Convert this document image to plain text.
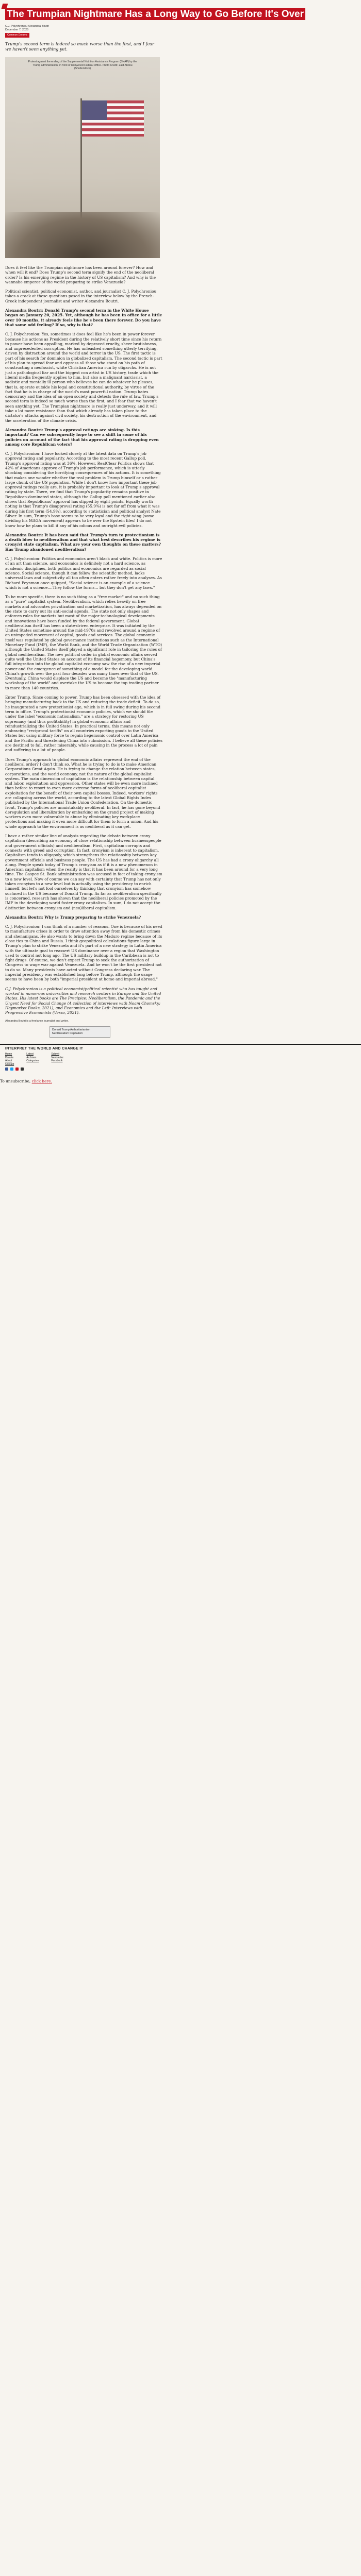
The Trumpian Nightmare Has a Long Way to Go Before It's Over
C.J. Polychroniou Alexandra Boutri
December 7, 2025
Common Dreams
Trump's second term is indeed so much worse than the first, and I fear we haven't seen anything yet.
Protest against the ending of the Supplemental Nutrition Assistance Program (SNAP) by the Trump administration, in front of Hollywood Federal Office. Photo Credit: Zaid Abdou (Shutterstock)

Does it feel like the Trumpian nightmare has been around forever? How and when will it end? Does Trump's second term signify the end of the neoliberal order? Is his emerging regime in the history of US capitalism? And why is the wannabe emperor of the world preparing to strike Venezuela?

Political scientist, political economist, author, and journalist C. J. Polychroniou takes a crack at these questions posed in the interview below by the French-Greek independent journalist and writer Alexandra Boutri.

Alexandra Boutri: Donald Trump's second term in the White House began on January 20, 2025. Yet, although he has been in office for a little over 10 months, it already feels like he's been there forever. Do you have that same odd feeling? If so, why is that?

C. J. Polychroniou: Yes, sometimes it does feel like he's been in power forever because his actions as President during the relatively short time since his return to power have been appalling, marked by depraved cruelty, sheer brutishness, and unprecedented corruption. He has unleashed something utterly terrifying, driven by distraction around the world and terror in the US. The first tactic is part of his search for dominion in globalized capitalism. The second tactic is part of his plan to spread fear and oppress all those who stand on his path of constructing a neofascist, white Christian America run by oligarchs. He is not just a pathological liar and the biggest con artist in US history, trade which the liberal media frequently applies to him, but also a malignant narcissist, a sadistic and mentally ill person who believes he can do whatever he pleases, that is, operate outside his legal and constitutional authority, by virtue of the fact that he is in charge of the world's most powerful nation. Trump hates democracy and the idea of an open society and detests the rule of law. Trump's second term is indeed so much worse than the first, and I fear that we haven't seen anything yet. The Trumpian nightmare is really just underway, and it will take a lot more resistance than that which already has taken place to the dictator's attacks against civil society, his destruction of the environment, and the acceleration of the climate crisis.

Alexandra Boutri: Trump's approval ratings are sinking. Is this important? Can we subsequently hope to see a shift in some of his policies on account of the fact that his approval rating is dropping even among core Republican voters?

C. J. Polychroniou: I have looked closely at the latest data on Trump's job approval rating and popularity. According to the most recent Gallup poll, Trump's approval rating was at 36%. However, RealClear Politics shows that 42% of Americans approve of Trump's job performance, which is utterly shocking considering the horrifying consequences of his actions. It is something that makes one wonder whether the real problem is Trump himself or a rather large chunk of the US population. While I don't know how important these job approval ratings really are, it is probably important to look at Trump's approval rating by state. There, we find that Trump's popularity remains positive in Republican-dominated states, although the Gallup poll mentioned earlier also shows that Republicans' approval has slipped by eight points. Equally worth noting is that Trump's disapproval rating (55.9%) is not far off from what it was during his first term (54.9%), according to statistician and political analyst Nate Silver. In sum, Trump's base seems to be very loyal and the right-wing (some dividing his MAGA movement) appears to be over the Epstein files! I do not know how he plans to kill it any of his odious and outright evil policies.

Alexandra Boutri: It has been said that Trump's turn to protectionism is a death blow to neoliberalism and that what best describes his regime is crony/st state capitalism. What are your own thoughts on these matters? Has Trump abandoned neoliberalism?

C. J. Polychroniou: Politics and economics aren't black and white. Politics is more of an art than science, and economics is definitely not a hard science, as academic disciplines, both politics and economics are regarded as social science. Social science, though it can follow the scientific method, lacks universal laws and subjectivity all too often enters rather freely into analyses. As Richard Feynman once quipped, "Social science is an example of a science which is not a science....They follow the forms... but they don't get any laws."

To be more specific, there is no such thing as a "free market" and no such thing as a "pure" capitalist system. Neoliberalism, which relies heavily on free markets and advocates privatization and marketization, has always depended on the state to carry out its anti-social agenda. The state not only shapes and enforces rules for markets but most of the major technological developments and innovations have been funded by the federal government. Global neoliberalism itself has been a state-driven enterprise. It was initiated by the United States sometime around the mid-1970s and revolved around a regime of an unimpeded movement of capital, goods and services. The global economic itself was regulated by global governance institutions such as the International Monetary Fund (IMF), the World Bank, and the World Trade Organization (WTO) although the United States itself played a significant role in tailoring the rules of global neoliberalism. The new political order in global economic affairs served quite well the United States on account of its financial hegemony, but China's full integration into the global capitalist economy saw the rise of a new imperial power and the emergence of something of a model for the developing world. China's growth over the past four decades was many times over that of the US. Eventually, China would displace the US and become the "manufacturing workshop of the world" and overtake the US to become the top trading partner to more than 140 countries.

Enter Trump. Since coming to power, Trump has been obsessed with the idea of bringing manufacturing back to the US and reducing the trade deficit. To do so, he inaugurated a new protectionist age, which is in full swing during his second term in office. Trump's protectionist economic policies, which we should file under the label "economic nationalism," are a strategy for restoring US supremacy (and thus profitability) in global economic affairs and reindustrializing the United States. In practical terms, this means not only embracing "reciprocal tariffs" on all countries exporting goods to the United States but using military force to regain hegemonic control over Latin America and the Pacific and threatening China into submission. I believe all these policies are destined to fail, rather miserably, while causing in the process a lot of pain and suffering to a lot of people.

Does Trump's approach to global economic affairs represent the end of the neoliberal order? I don't think so. What he is trying to do is to make American Corporations Great Again. He is trying to change the relation between states, corporations, and the world economy, not the nature of the global capitalist system. The main dimension of capitalism is the relationship between capital and labor, exploitation and oppression. Other states will be even more inclined than before to resort to even more extreme forms of neoliberal capitalist exploitation for the benefit of their own capital bosses. Indeed, workers' rights are collapsing across the world, according to the latest Global Rights Index published by the International Trade Union Confederation. On the domestic front, Trump's policies are unmistakably neoliberal. In fact, he has gone beyond deregulation and liberalization by embarking on the grand project of making workers even more vulnerable to abuse by eliminating key workplace protections and making it even more difficult for them to form a union. And his whole approach to the environment is as neoliberal as it can get.

I have a rather similar line of analysis regarding the debate between crony capitalism (describing an economy of close relationship between businesspeople and government officials) and neoliberalism. First, capitalism corrupts and connects with greed and corruption. In fact, cronyism is inherent to capitalism. Capitalism tends to oligopoly, which strengthens the relationship between key government officials and business people. The US has had a crony oligarchy all along. People speak today of Trump's cronyism as if it is a new phenomenon in American capitalism when the reality is that it has been around for a very long time. The Gaspee St. Bank administration was accused in fact of taking cronyism to a new level. Now of course we can say with certainty that Trump has not only taken cronyism to a new level but is actually using the presidency to enrich himself, but let's not fool ourselves by thinking that cronyism has somehow surfaced in the US because of Donald Trump. As far as neoliberalism specifically is concerned, research has shown that the neoliberal policies promoted by the IMF in the developing world foster crony capitalism. In sum, I do not accept the distinction between cronyism and (neo)liberal capitalism.

Alexandra Boutri: Why is Trump preparing to strike Venezuela?

C. J. Polychroniou: I can think of a number of reasons. One is because of his need to manufacture crises in order to draw attention away from his domestic crimes and shenanigans. He also wants to bring down the Maduro regime because of its close ties to China and Russia. I think geopolitical calculations figure large in Trump's plan to strike Venezuela and it's part of a new strategy in Latin America with the ultimate goal to reassert US dominance over a region that Washington used to control not long ago. The US military buildup in the Caribbean is not to fight drugs. Of course, we don't expect Trump to seek the authorization of Congress to wage war against Venezuela. And he won't be the first president not to do so. Many presidents have acted without Congress declaring war. The imperial presidency was established long before Trump, although the usage seems to have been by both "imperial president at home and imperial abroad."

C.J. Polychroniou is a political economist/political scientist who has taught and worked in numerous universities and research centers in Europe and the United States. His latest books are The Precipice: Neoliberalism, the Pandemic and the Urgent Need for Social Change (A collection of interviews with Noam Chomsky; Haymarket Books, 2021), and Economics and the Left: Interviews with Progressive Economists (Verso, 2021).

Alexandra Boutri is a freelance journalist and writer.
Donald Trump Authoritarianism Neoliberalism Capitalism
INTERPRET THE WORLD AND CHANGE IT
Home
Donate
About
Contact
Latest
Archives
Categories
Submit
Newsletter
Facebook
To unsubscribe, click here.
